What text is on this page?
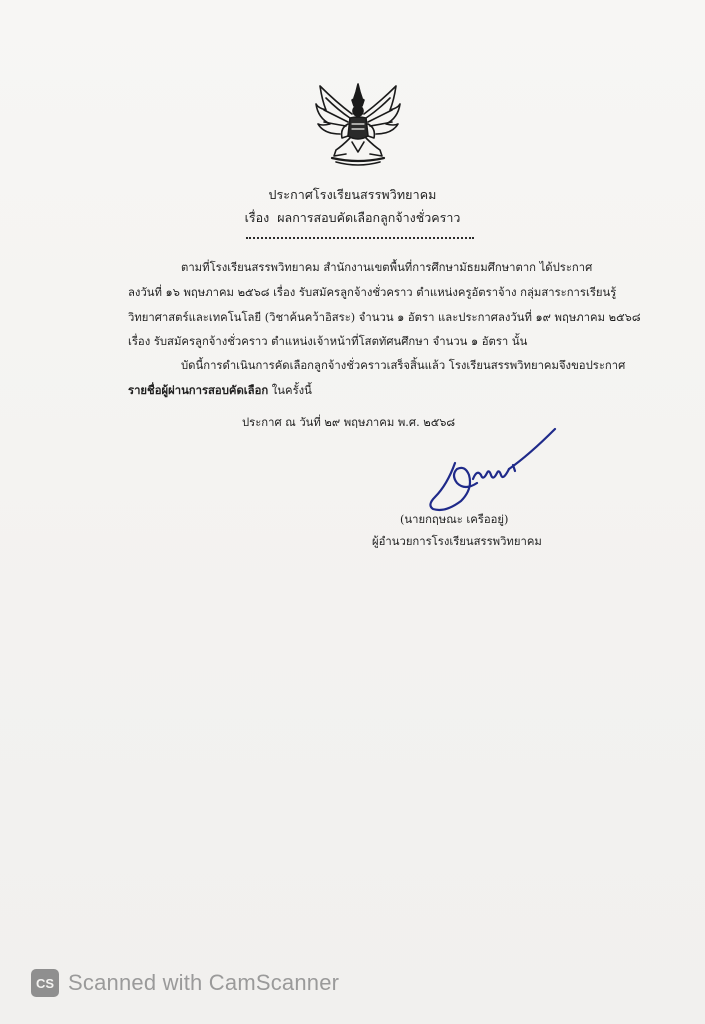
ประกาศโรงเรียนสรรพวิทยาคม
เรื่อง ผลการสอบคัดเลือกลูกจ้างชั่วคราว
ตามที่โรงเรียนสรรพวิทยาคม สำนักงานเขตพื้นที่การศึกษามัธยมศึกษาตาก ได้ประกาศ
ลงวันที่ ๑๖ พฤษภาคม ๒๕๖๘ เรื่อง รับสมัครลูกจ้างชั่วคราว ตำแหน่งครูอัตราจ้าง กลุ่มสาระการเรียนรู้
วิทยาศาสตร์และเทคโนโลยี (วิชาค้นคว้าอิสระ) จำนวน ๑ อัตรา และประกาศลงวันที่ ๑๙ พฤษภาคม ๒๕๖๘
เรื่อง รับสมัครลูกจ้างชั่วคราว ตำแหน่งเจ้าหน้าที่โสตทัศนศึกษา จำนวน ๑ อัตรา นั้น
บัดนี้การดำเนินการคัดเลือกลูกจ้างชั่วคราวเสร็จสิ้นแล้ว โรงเรียนสรรพวิทยาคมจึงขอประกาศ
รายชื่อผู้ผ่านการสอบคัดเลือก ในครั้งนี้
ประกาศ ณ วันที่ ๒๙ พฤษภาคม พ.ศ. ๒๕๖๘
(นายกฤษณะ เครืออยู่)
ผู้อำนวยการโรงเรียนสรรพวิทยาคม
CS Scanned with CamScanner
